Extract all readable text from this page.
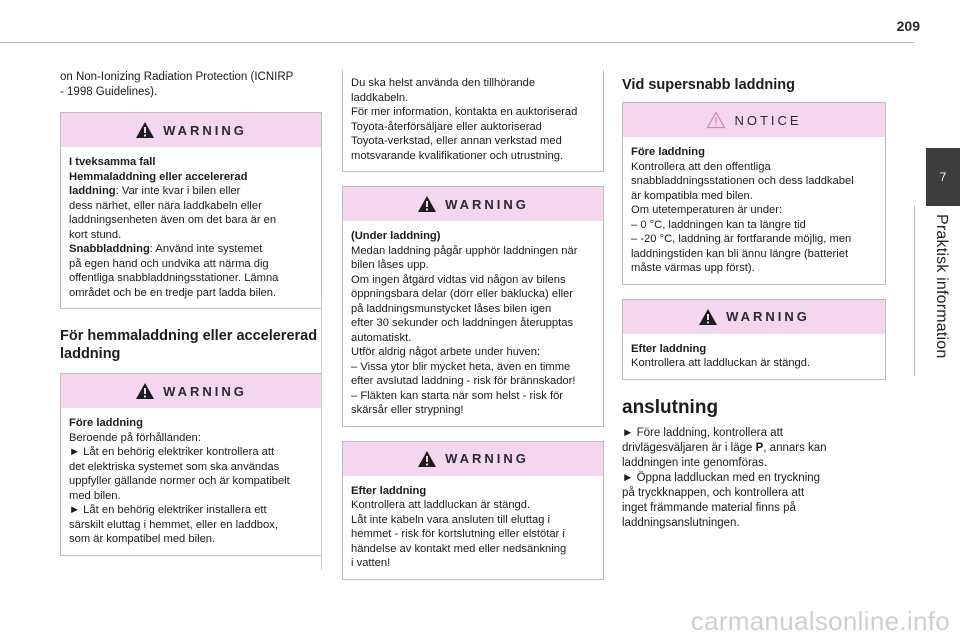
209
7
Praktisk information

on Non-Ionizing Radiation Protection (ICNIRP

- 1998 Guidelines).

WARNING

I tveksamma fall

Hemmaladdning eller accelererad

laddning: Var inte kvar i bilen eller

dess närhet, eller nära laddkabeln eller

laddningsenheten även om det bara är en

kort stund.

Snabbladdning: Använd inte systemet

på egen hand och undvika att närma dig

offentliga snabbladdningsstationer. Lämna

området och be en tredje part ladda bilen.

För hemmaladdning eller accelererad
laddning
WARNING

Före laddning

Beroende på förhållanden:

► Låt en behörig elektriker kontrollera att

det elektriska systemet som ska användas

uppfyller gällande normer och är kompatibelt

med bilen.

► Låt en behörig elektriker installera ett

särskilt eluttag i hemmet, eller en laddbox,

som är kompatibel med bilen.

Du ska helst använda den tillhörande

laddkabeln.

För mer information, kontakta en auktoriserad

Toyota-återförsäljare eller auktoriserad

Toyota-verkstad, eller annan verkstad med

motsvarande kvalifikationer och utrustning.

WARNING

(Under laddning)

Medan laddning pågår upphör laddningen när

bilen låses upp.

Om ingen åtgärd vidtas vid någon av bilens

öppningsbara delar (dörr eller baklucka) eller

på laddningsmunstycket låses bilen igen

efter 30 sekunder och laddningen återupptas

automatiskt.

Utför aldrig något arbete under huven:

– Vissa ytor blir mycket heta, även en timme

efter avslutad laddning - risk för brännskador!

– Fläkten kan starta när som helst - risk för

skärsår eller strypning!

WARNING

Efter laddning

Kontrollera att laddluckan är stängd.

Låt inte kabeln vara ansluten till eluttag i

hemmet - risk för kortslutning eller elstötar i

händelse av kontakt med eller nedsänkning

i vatten!

Vid supersnabb laddning
NOTICE

Före laddning

Kontrollera att den offentliga

snabbladdningsstationen och dess laddkabel

är kompatibla med bilen.

Om utetemperaturen är under:

– 0 °C, laddningen kan ta längre tid

– -20 °C, laddning är fortfarande möjlig, men

laddningstiden kan bli ännu längre (batteriet

måste värmas upp först).

WARNING

Efter laddning

Kontrollera att laddluckan är stängd.

anslutning

► Före laddning, kontrollera att

drivlägesväljaren är i läge P, annars kan

laddningen inte genomföras.

► Öppna laddluckan med en tryckning

på tryckknappen, och kontrollera att

inget främmande material finns på

laddningsanslutningen.

carmanualsonline.info
